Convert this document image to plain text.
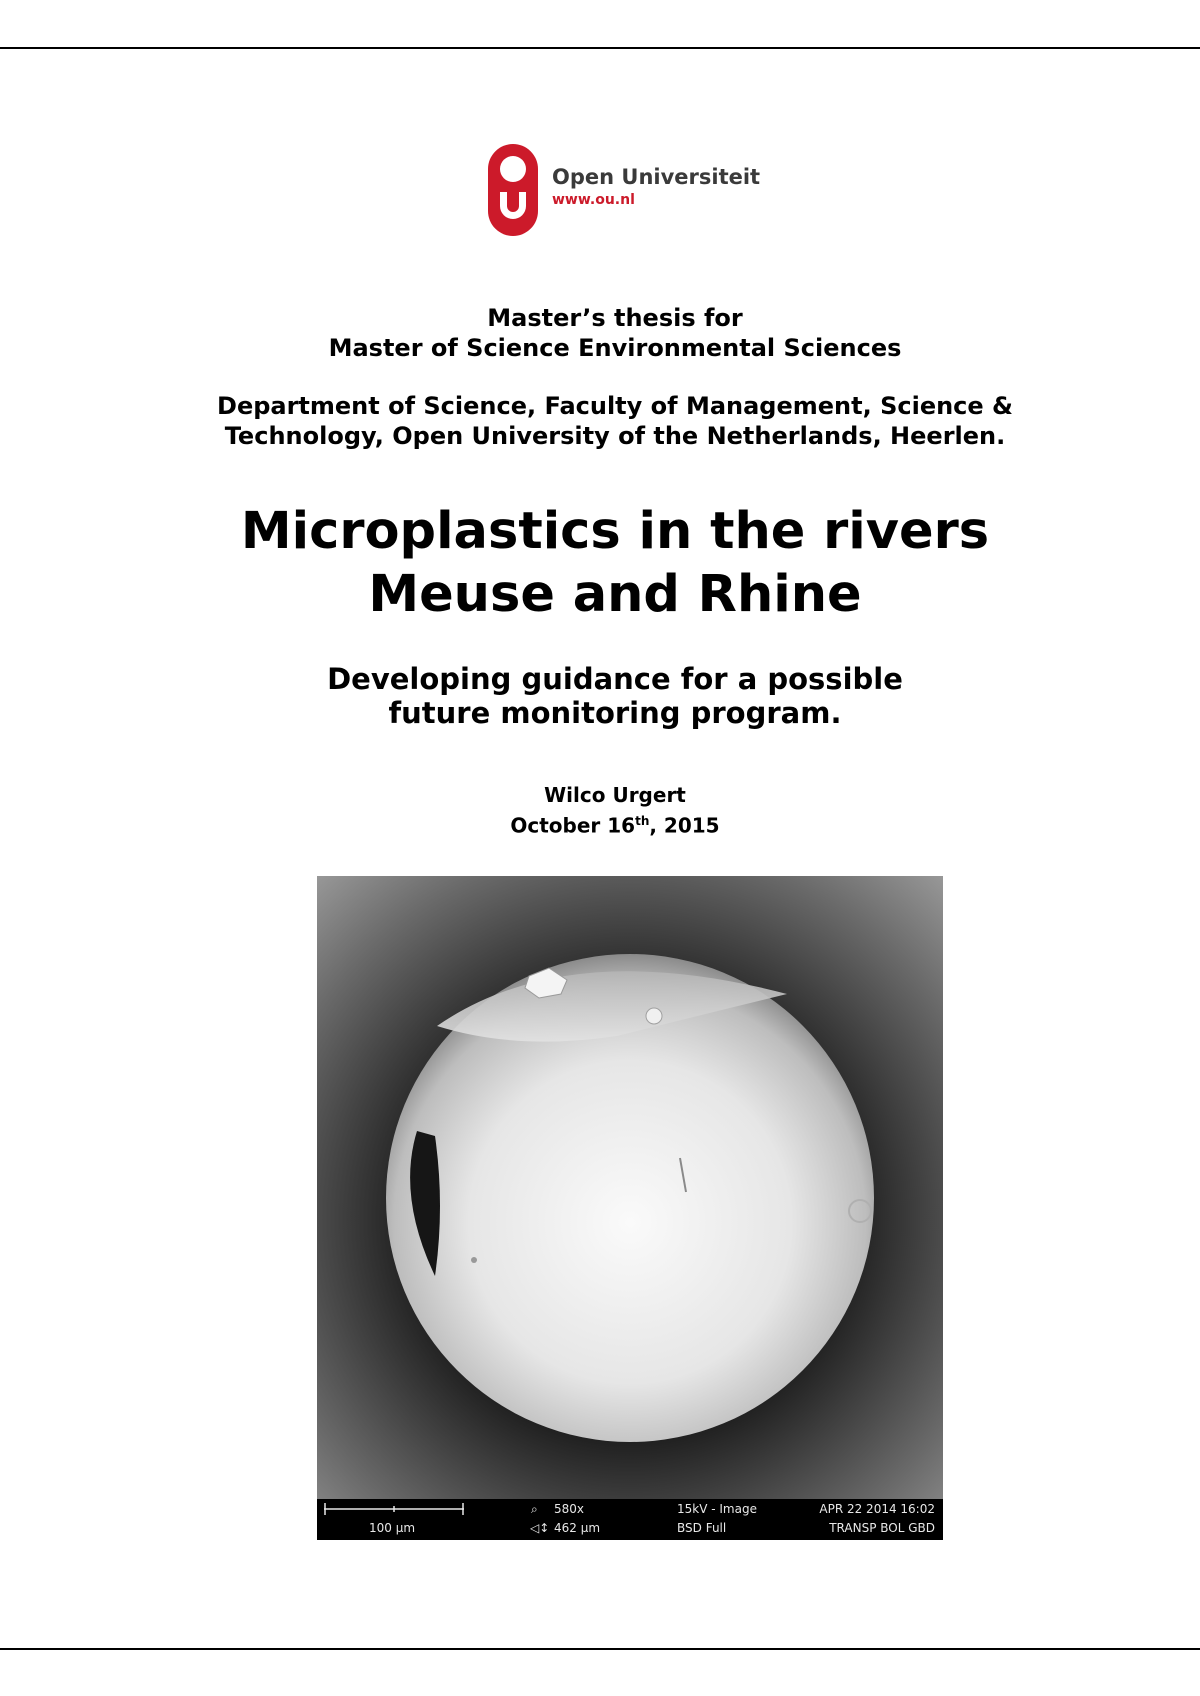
Open Universiteit
www.ou.nl
Master’s thesis for
Master of Science Environmental Sciences
Department of Science, Faculty of Management, Science &
Technology, Open University of the Netherlands, Heerlen.
Microplastics in the rivers
Meuse and Rhine
Developing guidance for a possible
future monitoring program.
Wilco Urgert
October 16th, 2015
100 µm
⌕ 580x
◁↕ 462 µm
15kV - Image
BSD Full
APR 22 2014 16:02
TRANSP BOL GBD
